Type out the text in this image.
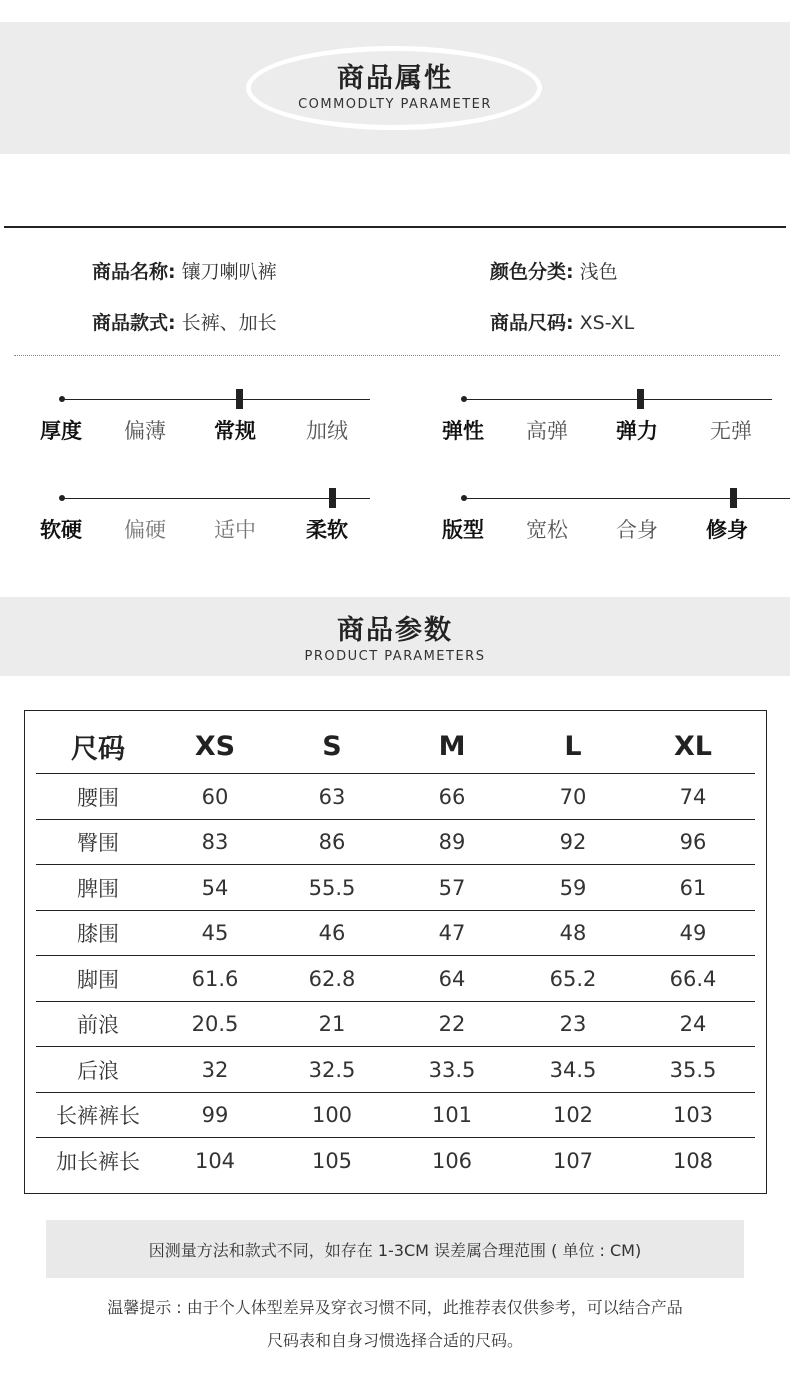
商品属性
COMMODLTY PARAMETER
商品名称: 镶刀喇叭裤	颜色分类: 浅色
商品款式: 长裤、加长	商品尺码: XS-XL
厚度 偏薄 常规 加绒	弹性 高弹 弹力 无弹
软硬 偏硬 适中 柔软	版型 宽松 合身 修身
商品参数
PRODUCT PARAMETERS
尺码	XS	S	M	L	XL
腰围	60	63	66	70	74
臀围	83	86	89	92	96
脾围	54	55.5	57	59	61
膝围	45	46	47	48	49
脚围	61.6	62.8	64	65.2	66.4
前浪	20.5	21	22	23	24
后浪	32	32.5	33.5	34.5	35.5
长裤裤长	99	100	101	102	103
加长裤长	104	105	106	107	108
因测量方法和款式不同，如存在 1-3CM 误差属合理范围 ( 单位 : CM)
温馨提示 : 由于个人体型差异及穿衣习惯不同，此推荐表仅供参考，可以结合产品
尺码表和自身习惯选择合适的尺码。
